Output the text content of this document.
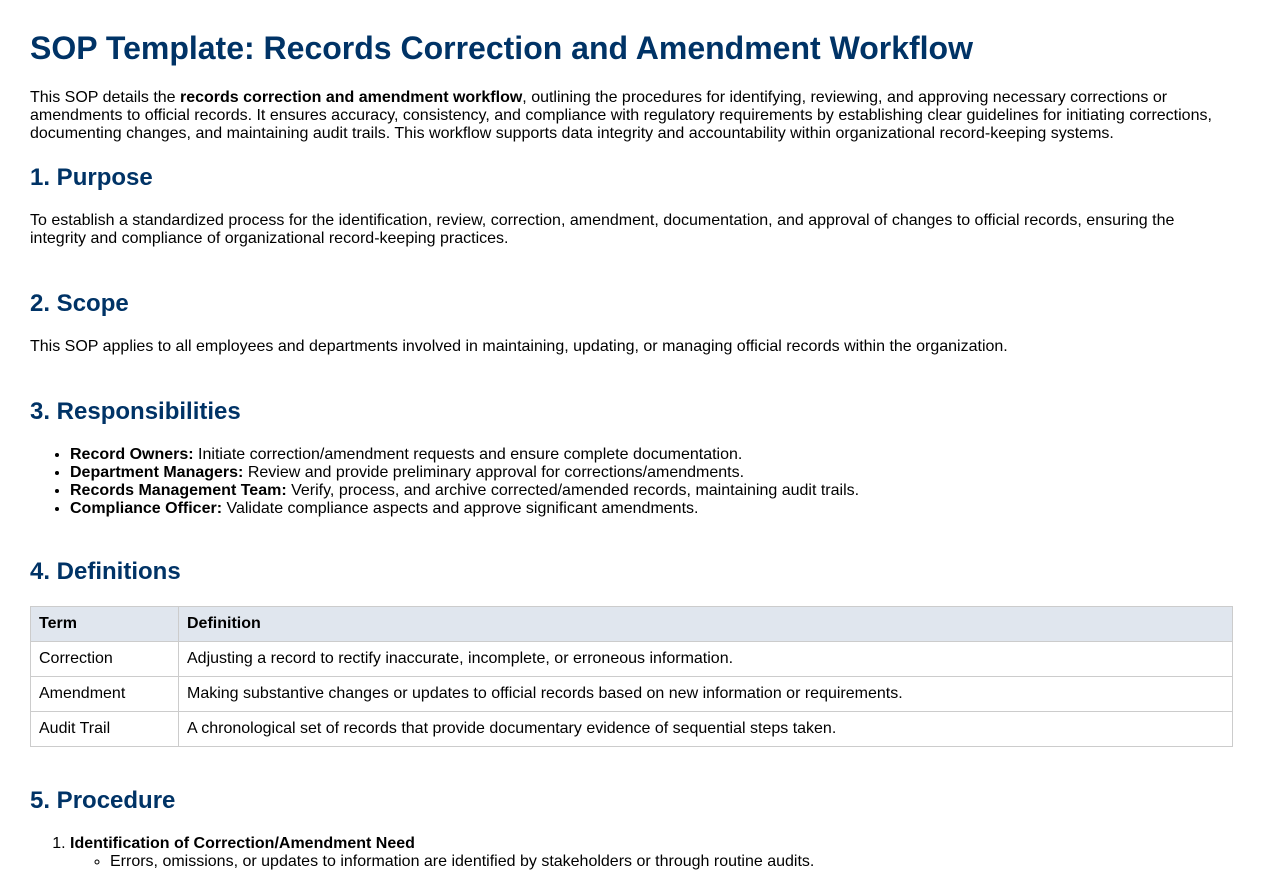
SOP Template: Records Correction and Amendment Workflow

This SOP details the records correction and amendment workflow, outlining the procedures for identifying, reviewing, and approving necessary corrections or amendments to official records. It ensures accuracy, consistency, and compliance with regulatory requirements by establishing clear guidelines for initiating corrections, documenting changes, and maintaining audit trails. This workflow supports data integrity and accountability within organizational record-keeping systems.

1. Purpose

To establish a standardized process for the identification, review, correction, amendment, documentation, and approval of changes to official records, ensuring the integrity and compliance of organizational record-keeping practices.

2. Scope

This SOP applies to all employees and departments involved in maintaining, updating, or managing official records within the organization.

3. Responsibilities
• Record Owners: Initiate correction/amendment requests and ensure complete documentation.
• Department Managers: Review and provide preliminary approval for corrections/amendments.
• Records Management Team: Verify, process, and archive corrected/amended records, maintaining audit trails.
• Compliance Officer: Validate compliance aspects and approve significant amendments.
4. Definitions
Term	Definition
Correction	Adjusting a record to rectify inaccurate, incomplete, or erroneous information.
Amendment	Making substantive changes or updates to official records based on new information or requirements.
Audit Trail	A chronological set of records that provide documentary evidence of sequential steps taken.
5. Procedure
1. Identification of Correction/Amendment Need
◦ Errors, omissions, or updates to information are identified by stakeholders or through routine audits.
